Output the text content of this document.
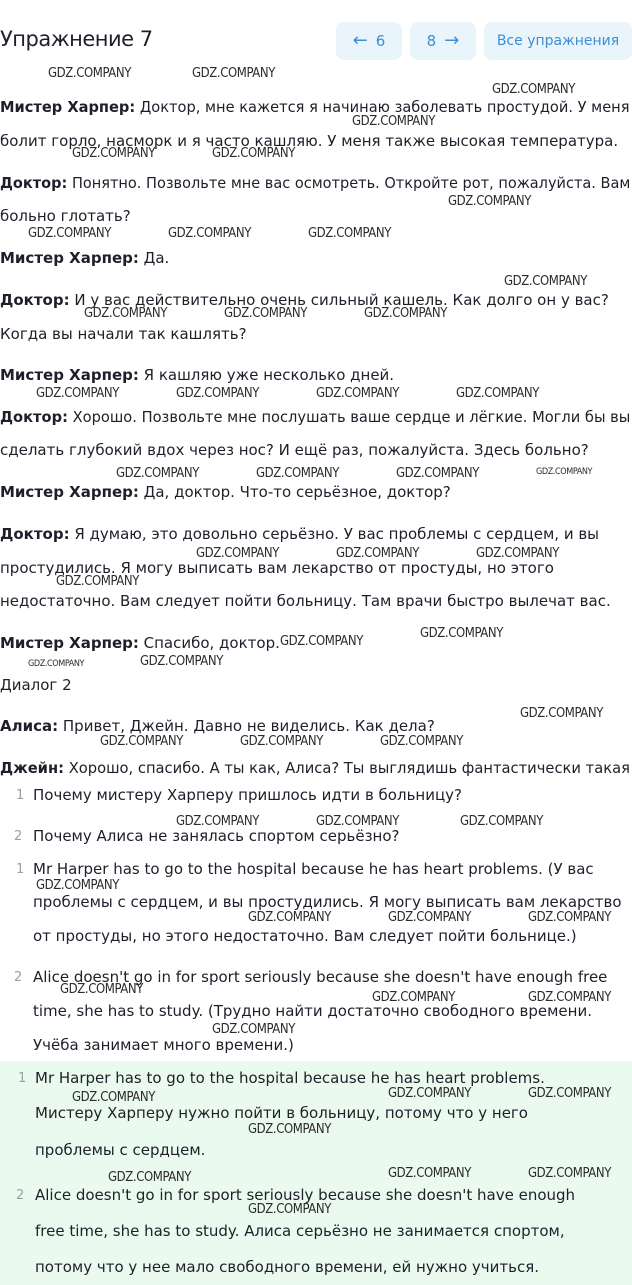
Упражнение 7	← 6	8 →	Все упражнения
Мистер Харпер: Доктор, мне кажется я начинаю заболевать простудой. У меня
болит горло, насморк и я часто кашляю. У меня также высокая температура.
Доктор: Понятно. Позвольте мне вас осмотреть. Откройте рот, пожалуйста. Вам
больно глотать?
Мистер Харпер: Да.
Доктор: И у вас действительно очень сильный кашель. Как долго он у вас?
Когда вы начали так кашлять?
Мистер Харпер: Я кашляю уже несколько дней.
Доктор: Хорошо. Позвольте мне послушать ваше сердце и лёгкие. Могли бы вы
сделать глубокий вдох через нос? И ещё раз, пожалуйста. Здесь больно?
Мистер Харпер: Да, доктор. Что-то серьёзное, доктор?
Доктор: Я думаю, это довольно серьёзно. У вас проблемы с сердцем, и вы
простудились. Я могу выписать вам лекарство от простуды, но этого
недостаточно. Вам следует пойти больницу. Там врачи быстро вылечат вас.
Мистер Харпер: Спасибо, доктор.
Диалог 2
Алиса: Привет, Джейн. Давно не виделись. Как дела?
Джейн: Хорошо, спасибо. А ты как, Алиса? Ты выглядишь фантастически такая
1 Почему мистеру Харперу пришлось идти в больницу?
2 Почему Алиса не занялась спортом серьёзно?
1 Mr Harper has to go to the hospital because he has heart problems. (У вас
проблемы с сердцем, и вы простудились. Я могу выписать вам лекарство
от простуды, но этого недостаточно. Вам следует пойти больнице.)
2 Alice doesn't go in for sport seriously because she doesn't have enough free
time, she has to study. (Трудно найти достаточно свободного времени.
Учёба занимает много времени.)
1 Mr Harper has to go to the hospital because he has heart problems.
Мистеру Харперу нужно пойти в больницу, потому что у него
проблемы с сердцем.
2 Alice doesn't go in for sport seriously because she doesn't have enough
free time, she has to study. Алиса серьёзно не занимается спортом,
потому что у нее мало свободного времени, ей нужно учиться.
GDZ.COMPANY	GDZ.COMPANY
GDZ.COMPANY
GDZ.COMPANY
GDZ.COMPANY	GDZ.COMPANY
GDZ.COMPANY
GDZ.COMPANY	GDZ.COMPANY	GDZ.COMPANY
GDZ.COMPANY
GDZ.COMPANY	GDZ.COMPANY	GDZ.COMPANY
GDZ.COMPANY	GDZ.COMPANY	GDZ.COMPANY	GDZ.COMPANY
GDZ.COMPANY	GDZ.COMPANY	GDZ.COMPANY	GDZ.COMPANY
GDZ.COMPANY	GDZ.COMPANY	GDZ.COMPANY
GDZ.COMPANY
GDZ.COMPANY
GDZ.COMPANY
GDZ.COMPANY	GDZ.COMPANY
GDZ.COMPANY
GDZ.COMPANY	GDZ.COMPANY	GDZ.COMPANY
GDZ.COMPANY	GDZ.COMPANY	GDZ.COMPANY
GDZ.COMPANY
GDZ.COMPANY	GDZ.COMPANY	GDZ.COMPANY
GDZ.COMPANY
GDZ.COMPANY	GDZ.COMPANY
GDZ.COMPANY
GDZ.COMPANY	GDZ.COMPANY	GDZ.COMPANY
GDZ.COMPANY
GDZ.COMPANY	GDZ.COMPANY	GDZ.COMPANY
GDZ.COMPANY
